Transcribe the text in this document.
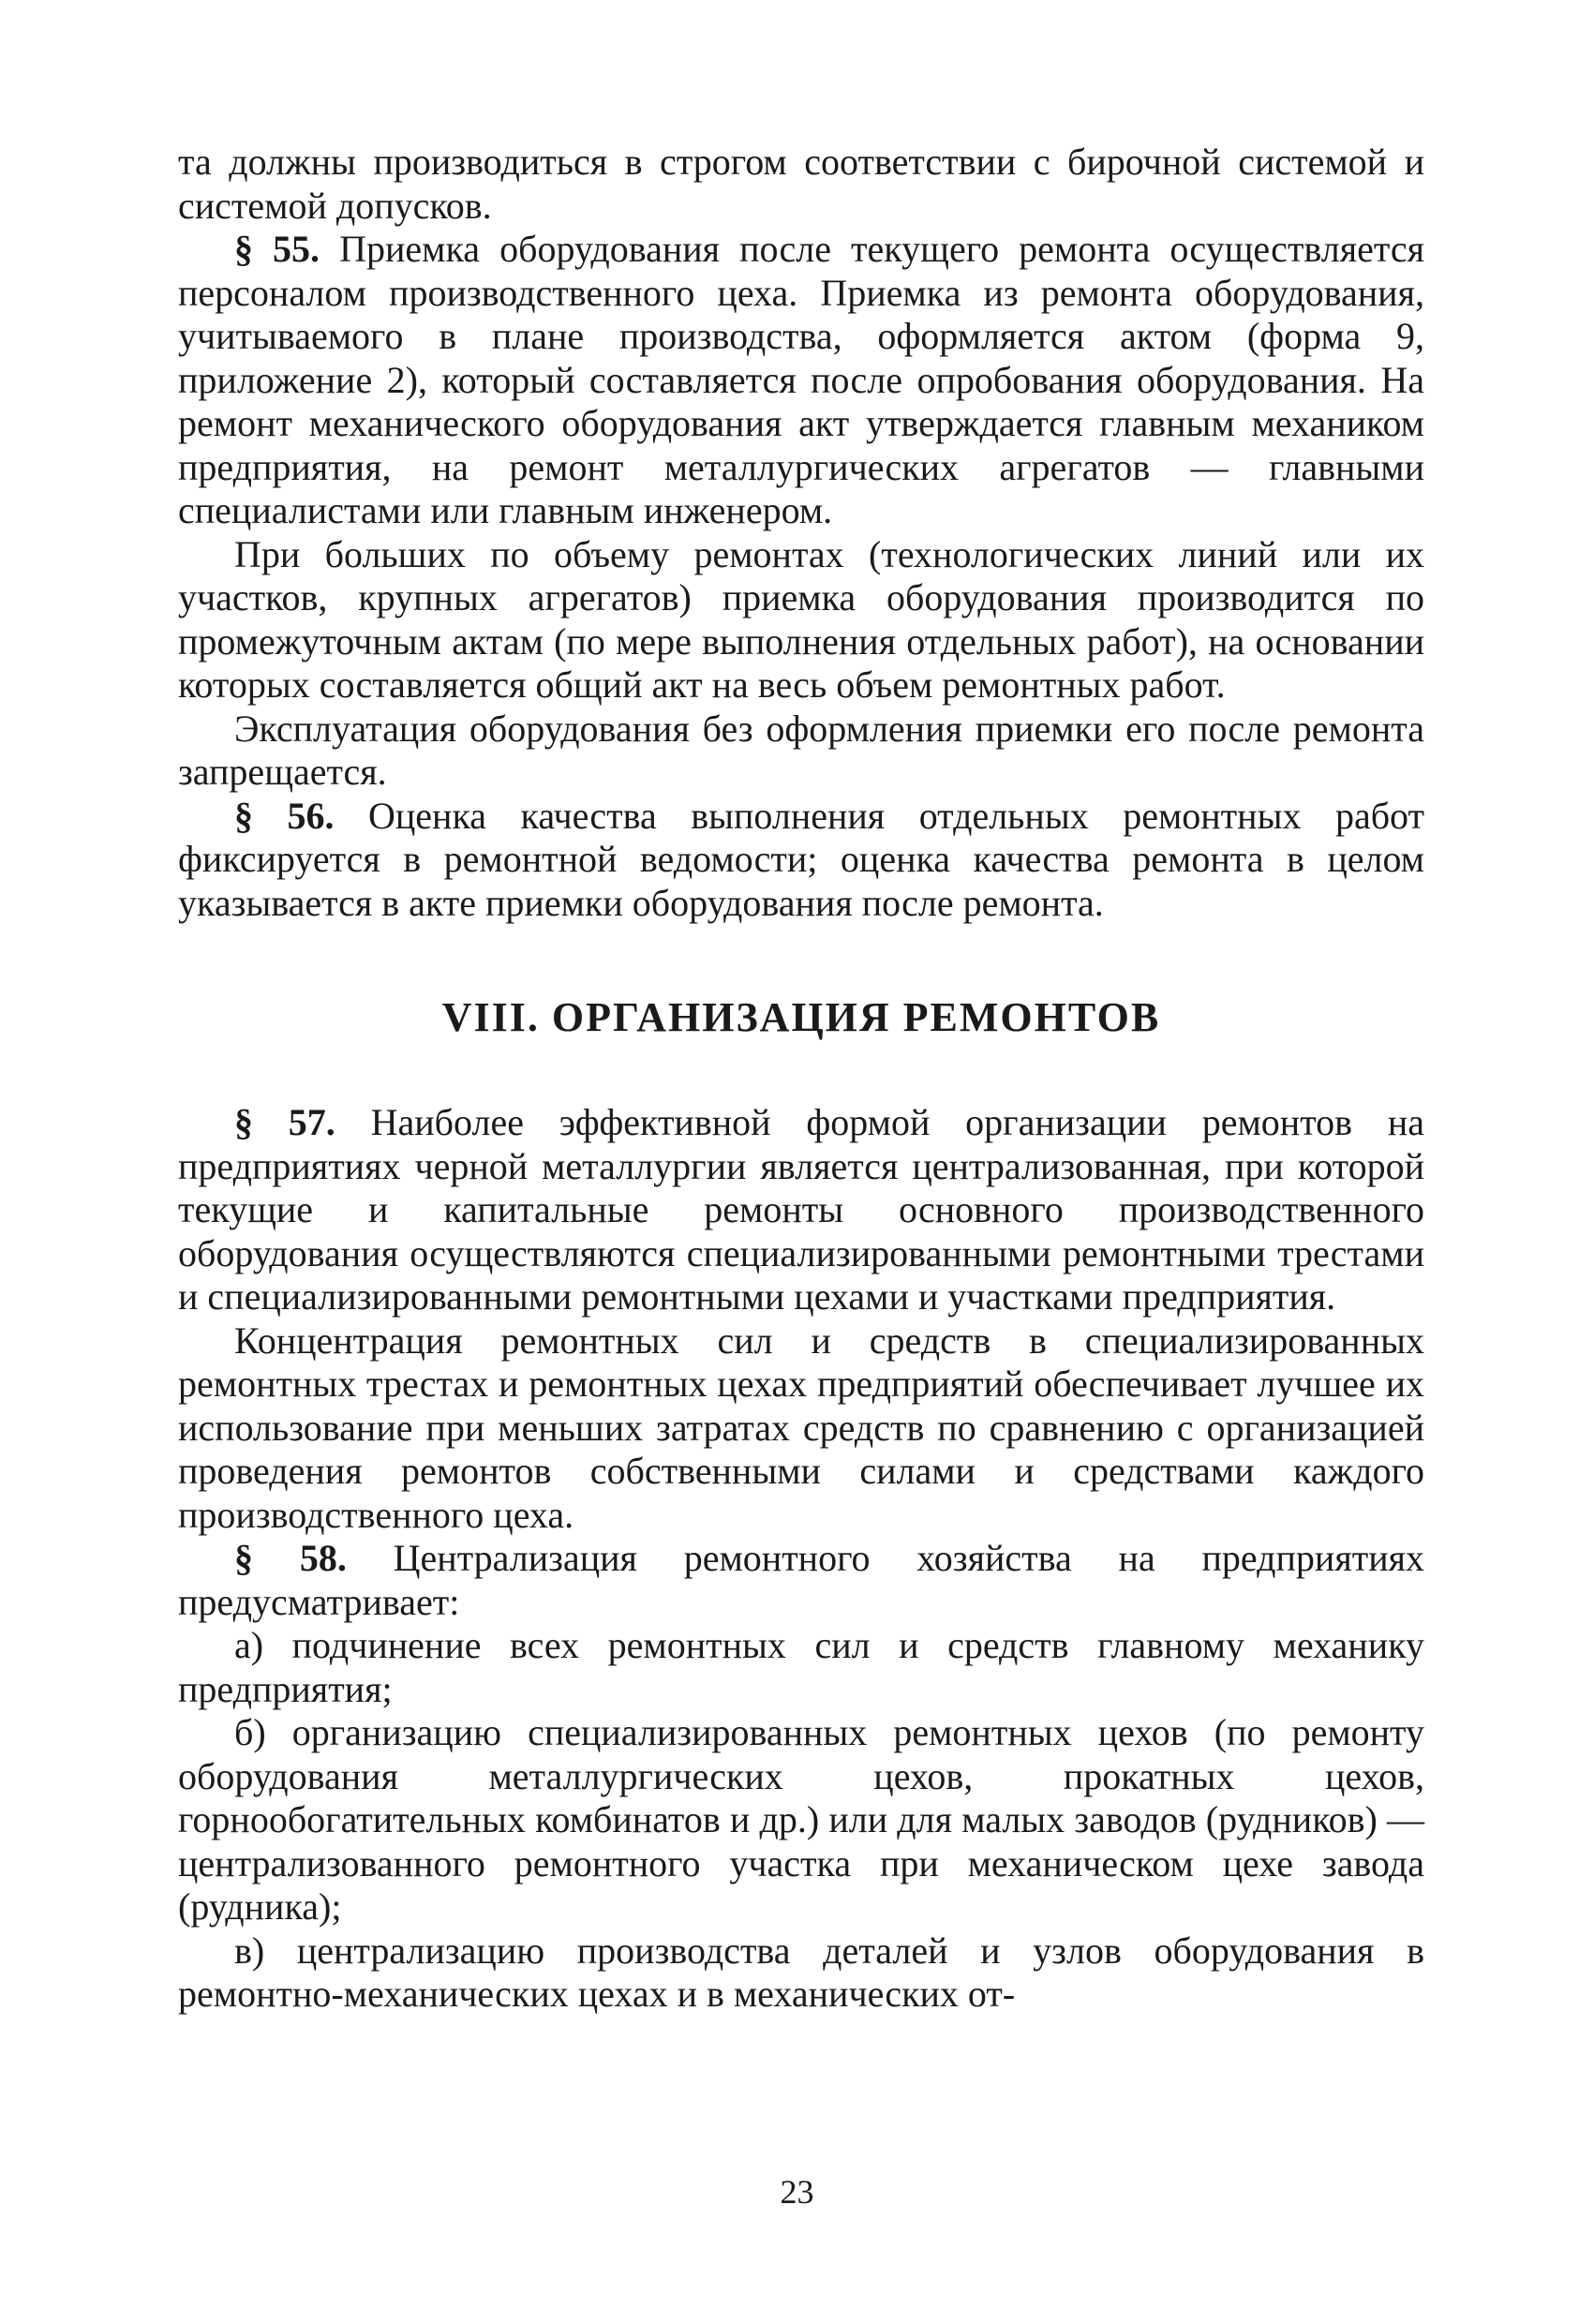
та должны производиться в строгом соответствии с бирочной системой и системой допусков.

§ 55. Приемка оборудования после текущего ремонта осуществляется персоналом производственного цеха. Приемка из ремонта оборудования, учитываемого в плане производства, оформляется актом (форма 9, приложение 2), который составляется после опробования оборудования. На ремонт механического оборудования акт утверждается главным механиком предприятия, на ремонт металлургических агрегатов — главными специалистами или главным инженером.

При больших по объему ремонтах (технологических линий или их участков, крупных агрегатов) приемка оборудования производится по промежуточным актам (по мере выполнения отдельных работ), на основании которых составляется общий акт на весь объем ремонтных работ.

Эксплуатация оборудования без оформления приемки его после ремонта запрещается.

§ 56. Оценка качества выполнения отдельных ремонтных работ фиксируется в ремонтной ведомости; оценка качества ремонта в целом указывается в акте приемки оборудования после ремонта.

VIII. ОРГАНИЗАЦИЯ РЕМОНТОВ

§ 57. Наиболее эффективной формой организации ремонтов на предприятиях черной металлургии является централизованная, при которой текущие и капитальные ремонты основного производственного оборудования осуществляются специализированными ремонтными трестами и специализированными ремонтными цехами и участками предприятия.

Концентрация ремонтных сил и средств в специализированных ремонтных трестах и ремонтных цехах предприятий обеспечивает лучшее их использование при меньших затратах средств по сравнению с организацией проведения ремонтов собственными силами и средствами каждого производственного цеха.

§ 58. Централизация ремонтного хозяйства на предприятиях предусматривает:

а) подчинение всех ремонтных сил и средств главному механику предприятия;

б) организацию специализированных ремонтных цехов (по ремонту оборудования металлургических цехов, прокатных цехов, горнообогатительных комбинатов и др.) или для малых заводов (рудников) — централизованного ремонтного участка при механическом цехе завода (рудника);

в) централизацию производства деталей и узлов оборудования в ремонтно-механических цехах и в механических от-

23
